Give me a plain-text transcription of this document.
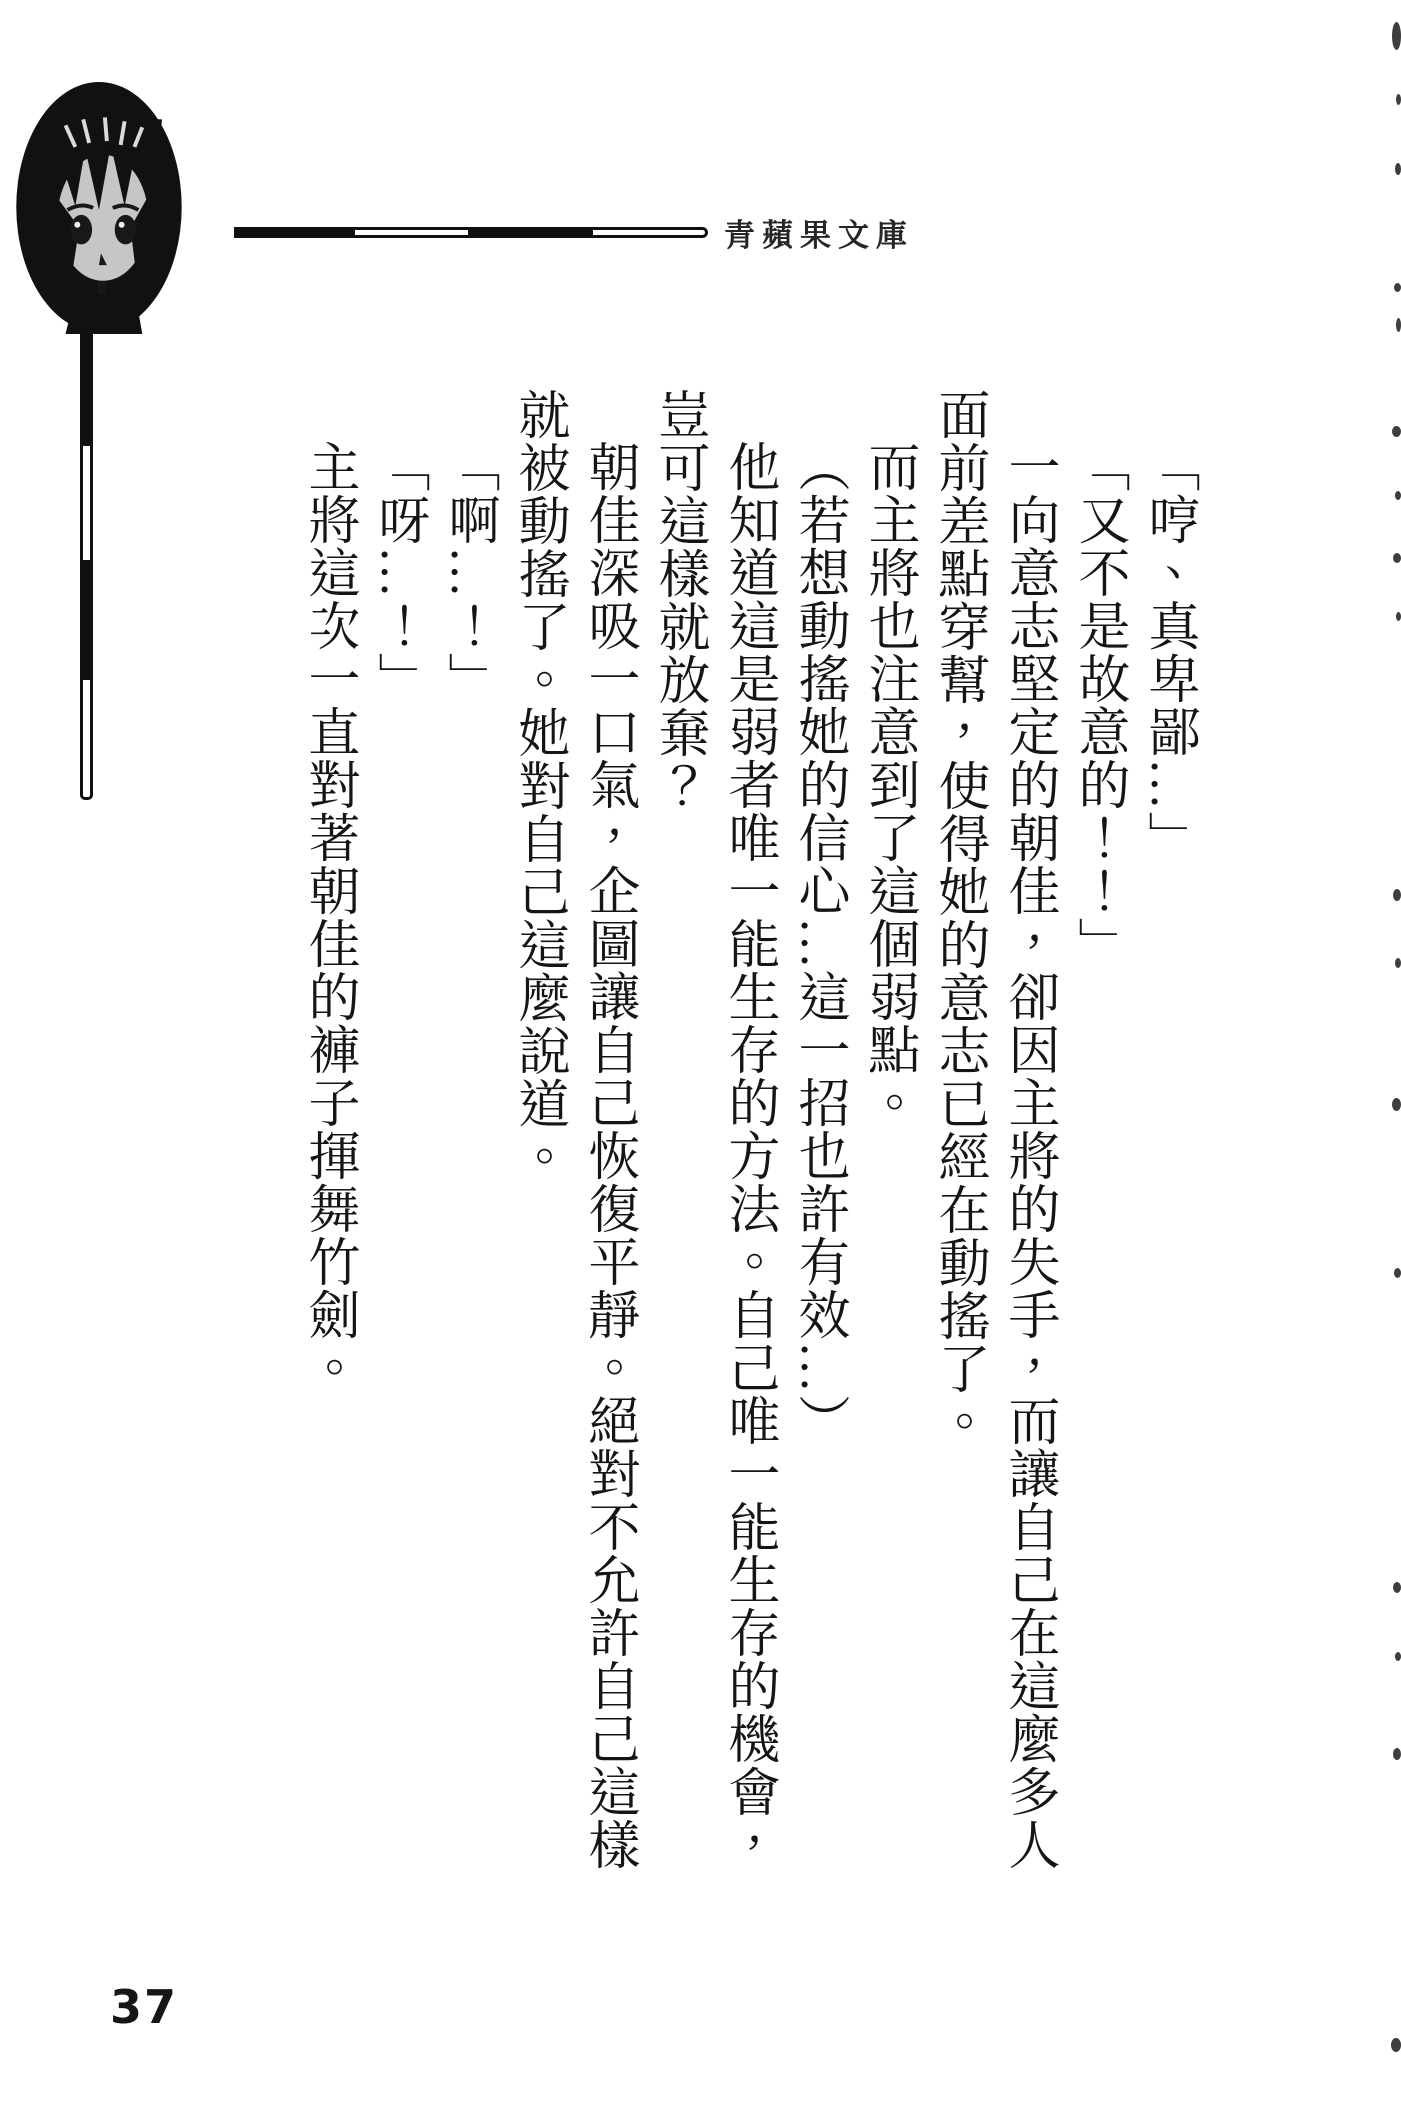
青蘋果文庫

「哼、真卑鄙…」

「又不是故意的！！」

一向意志堅定的朝佳，卻因主將的失手，而讓自己在這麼多人面前差點穿幫，使得她的意志已經在動搖了。

而主將也注意到了這個弱點。

（若想動搖她的信心…這一招也許有效…）

他知道這是弱者唯一能生存的方法。自己唯一能生存的機會，豈可這樣就放棄？

朝佳深吸一口氣，企圖讓自己恢復平靜。絕對不允許自己這樣就被動搖了。她對自己這麼說道。

「啊…！」

「呀…！」

主將這次一直對著朝佳的褲子揮舞竹劍。

37
